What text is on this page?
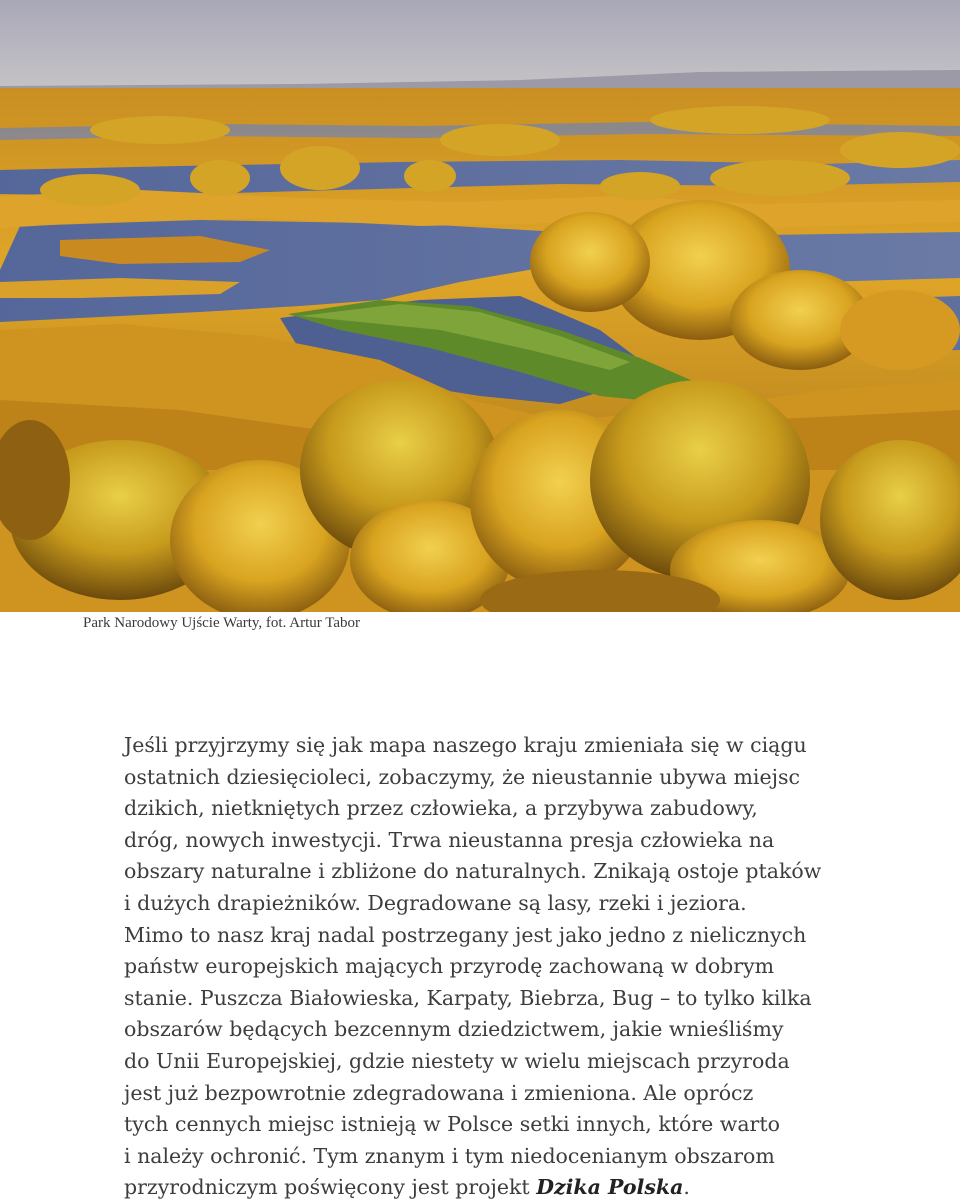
Park Narodowy Ujście Warty, fot. Artur Tabor

Jeśli przyjrzymy się jak mapa naszego kraju zmieniała się w ciągu
ostatnich dziesięcioleci, zobaczymy, że nieustannie ubywa miejsc
dzikich, nietkniętych przez człowieka, a przybywa zabudowy,
dróg, nowych inwestycji. Trwa nieustanna presja człowieka na
obszary naturalne i zbliżone do naturalnych. Znikają ostoje ptaków
i dużych drapieżników. Degradowane są lasy, rzeki i jeziora.
Mimo to nasz kraj nadal postrzegany jest jako jedno z nielicznych
państw europejskich mających przyrodę zachowaną w dobrym
stanie. Puszcza Białowieska, Karpaty, Biebrza, Bug – to tylko kilka
obszarów będących bezcennym dziedzictwem, jakie wnieśliśmy
do Unii Europejskiej, gdzie niestety w wielu miejscach przyroda
jest już bezpowrotnie zdegradowana i zmieniona. Ale oprócz
tych cennych miejsc istnieją w Polsce setki innych, które warto
i należy ochronić. Tym znanym i tym niedocenianym obszarom
przyrodniczym poświęcony jest projekt Dzika Polska.
